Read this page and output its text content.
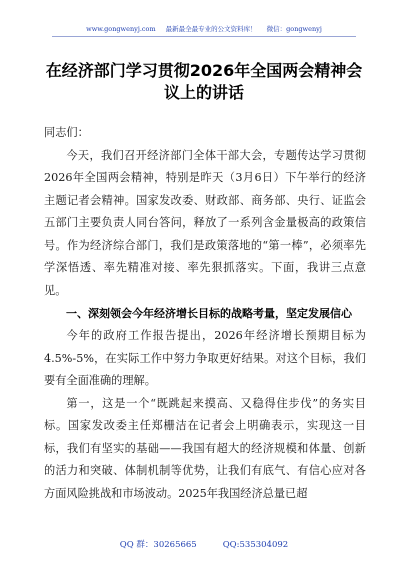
www.gongwenyj.com 最新最全最专业的公文资料库！ 微信：gongwenyj
在经济部门学习贯彻2026年全国两会精神会议上的讲话

同志们：

今天，我们召开经济部门全体干部大会，专题传达学习贯彻2026年全国两会精神，特别是昨天（3月6日）下午举行的经济主题记者会精神。国家发改委、财政部、商务部、央行、证监会五部门主要负责人同台答问，释放了一系列含金量极高的政策信号。作为经济综合部门，我们是政策落地的“第一棒”，必须率先学深悟透、率先精准对接、率先狠抓落实。下面，我讲三点意见。

一、深刻领会今年经济增长目标的战略考量，坚定发展信心

今年的政府工作报告提出，2026年经济增长预期目标为4.5%-5%，在实际工作中努力争取更好结果。对这个目标，我们要有全面准确的理解。

第一，这是一个“既跳起来摸高、又稳得住步伐”的务实目标。国家发改委主任郑栅洁在记者会上明确表示，实现这一目标，我们有坚实的基础——我国有超大的经济规模和体量、创新的活力和突破、体制机制等优势，让我们有底气、有信心应对各方面风险挑战和市场波动。2025年我国经济总量已超

QQ 群：30265665	QQ:535304092
